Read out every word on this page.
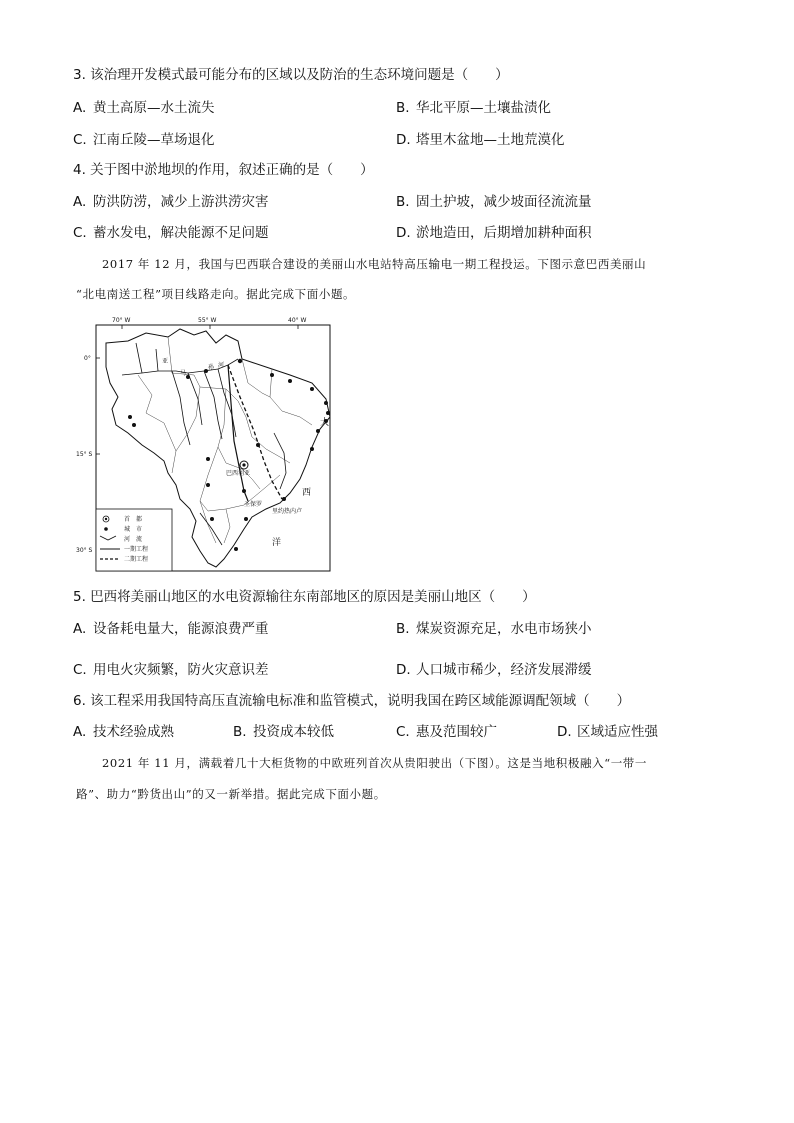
3. 该治理开发模式最可能分布的区域以及防治的生态环境问题是（　　）
A. 黄土高原—水土流失	B. 华北平原—土壤盐渍化
C. 江南丘陵—草场退化	D. 塔里木盆地—土地荒漠化
4. 关于图中淤地坝的作用，叙述正确的是（　　）
A. 防洪防涝，减少上游洪涝灾害	B. 固土护坡，减少坡面径流流量
C. 蓄水发电，解决能源不足问题	D. 淤地造田，后期增加耕种面积
2017 年 12 月，我国与巴西联合建设的美丽山水电站特高压输电一期工程投运。下图示意巴西美丽山
“北电南送工程”项目线路走向。据此完成下面小题。
70° W	55° W	40° W
0°
15° S
30° S
巴西利亚
圣保罗
里约热内卢
亚
马
孙 河
大
西
洋
首　都
城　市
河　流
一期工程
二期工程
5. 巴西将美丽山地区的水电资源输往东南部地区的原因是美丽山地区（　　）
A. 设备耗电量大，能源浪费严重	B. 煤炭资源充足，水电市场狭小
C. 用电火灾频繁，防火灾意识差	D. 人口城市稀少，经济发展滞缓
6. 该工程采用我国特高压直流输电标准和监管模式，说明我国在跨区域能源调配领域（　　）
A. 技术经验成熟	B. 投资成本较低	C. 惠及范围较广	D. 区域适应性强
2021 年 11 月，满载着几十大柜货物的中欧班列首次从贵阳驶出（下图）。这是当地积极融入“一带一
路”、助力“黔货出山”的又一新举措。据此完成下面小题。
